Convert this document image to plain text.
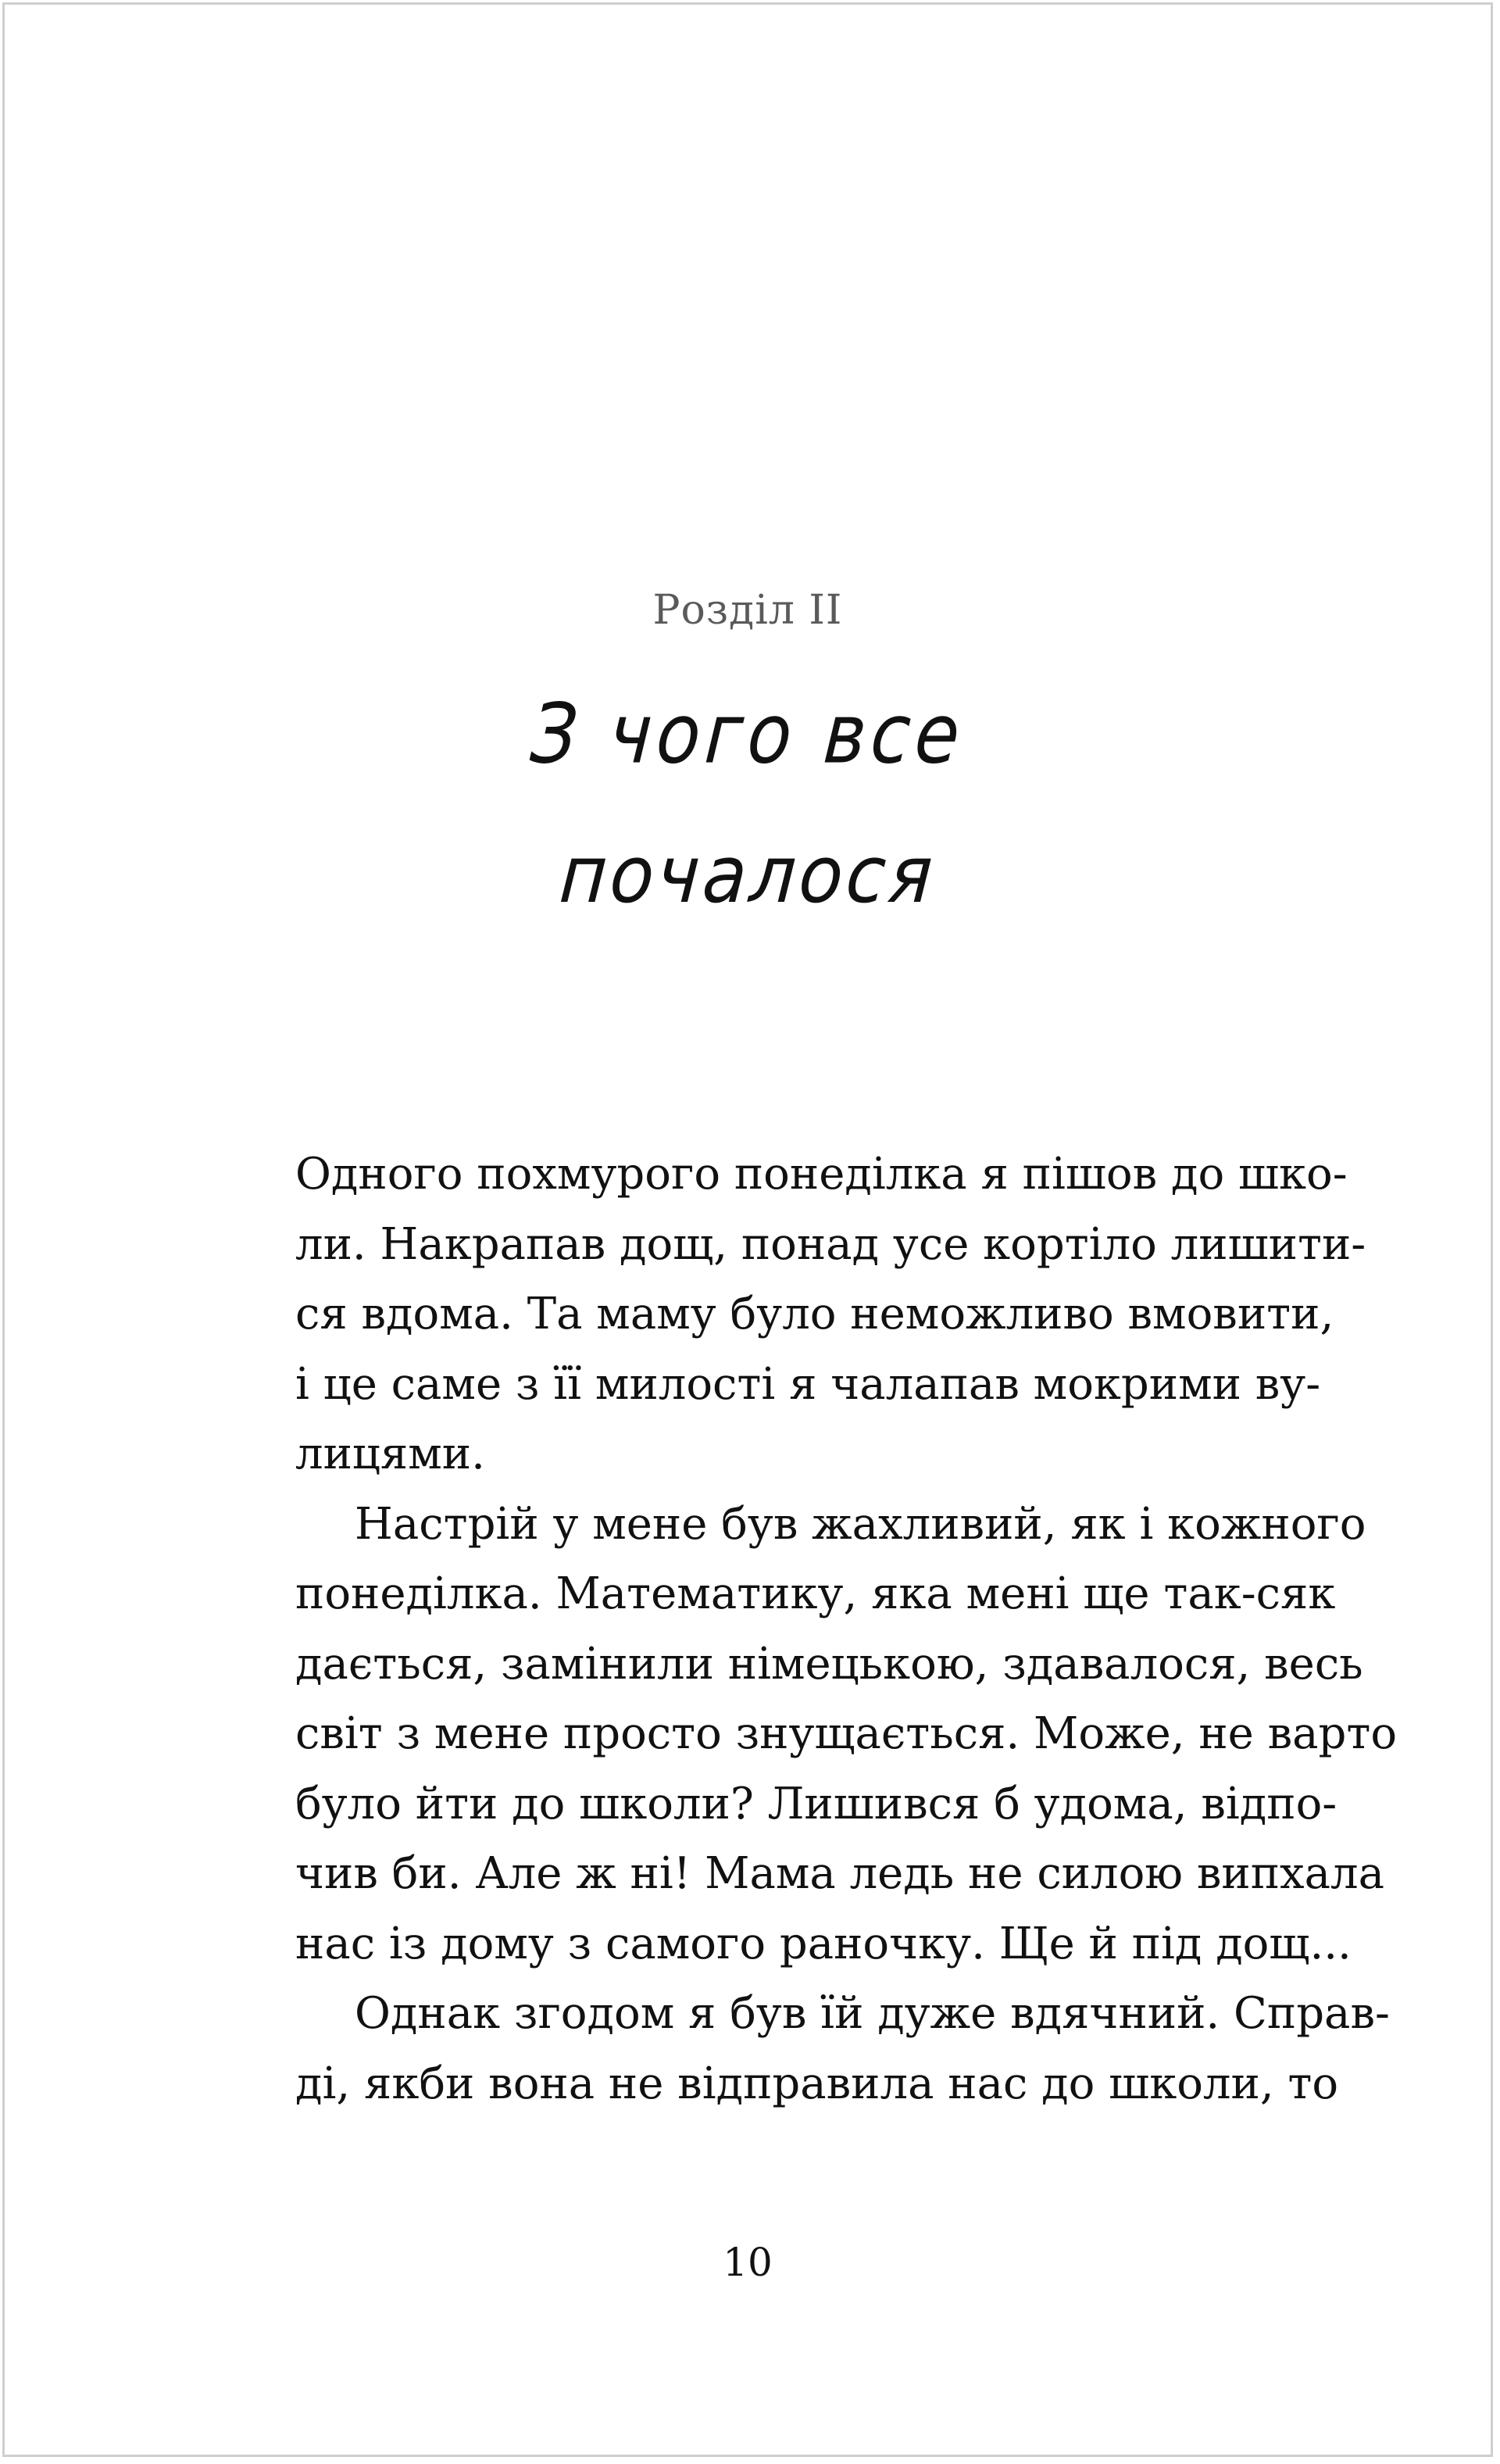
Розділ II
З чого все
почалося
Одного похмурого понеділка я пішов до шко-
ли. Накрапав дощ, понад усе кортіло лишити-
ся вдома. Та маму було неможливо вмовити,
і це саме з її милості я чалапав мокрими ву-
лицями.
Настрій у мене був жахливий, як і кожного
понеділка. Математику, яка мені ще так-сяк
дається, замінили німецькою, здавалося, весь
світ з мене просто знущається. Може, не варто
було йти до школи? Лишився б удома, відпо-
чив би. Але ж ні! Мама ледь не силою випхала
нас із дому з самого раночку. Ще й під дощ...
Однак згодом я був їй дуже вдячний. Справ-
ді, якби вона не відправила нас до школи, то
10
